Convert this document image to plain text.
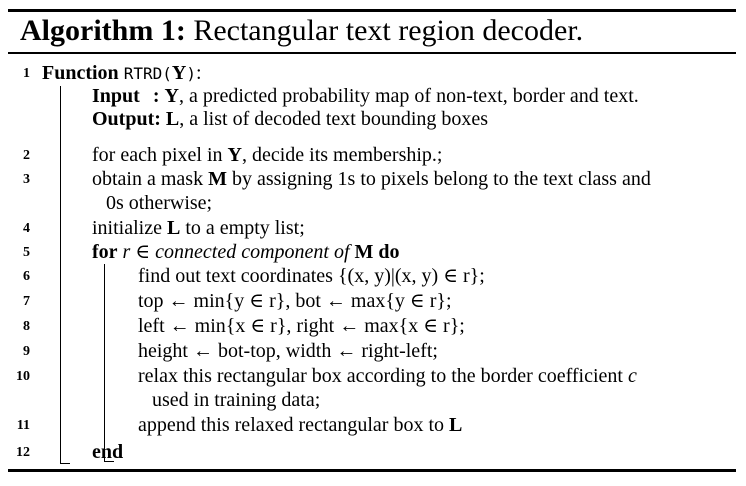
Algorithm 1: Rectangular text region decoder.
1 Function RTRD(Y):
Input : Y, a predicted probability map of non-text, border and text.
Output: L, a list of decoded text bounding boxes
2	for each pixel in Y, decide its membership.;
3	obtain a mask M by assigning 1s to pixels belong to the text class and
0s otherwise;
4	initialize L to a empty list;
5	for r ∈ connected component of M do
6	find out text coordinates {(x, y)|(x, y) ∈ r};
7	top ← min{y ∈ r}, bot ← max{y ∈ r};
8	left ← min{x ∈ r}, right ← max{x ∈ r};
9	height ← bot-top, width ← right-left;
10	relax this rectangular box according to the border coefficient c
used in training data;
11	append this relaxed rectangular box to L
12	end
